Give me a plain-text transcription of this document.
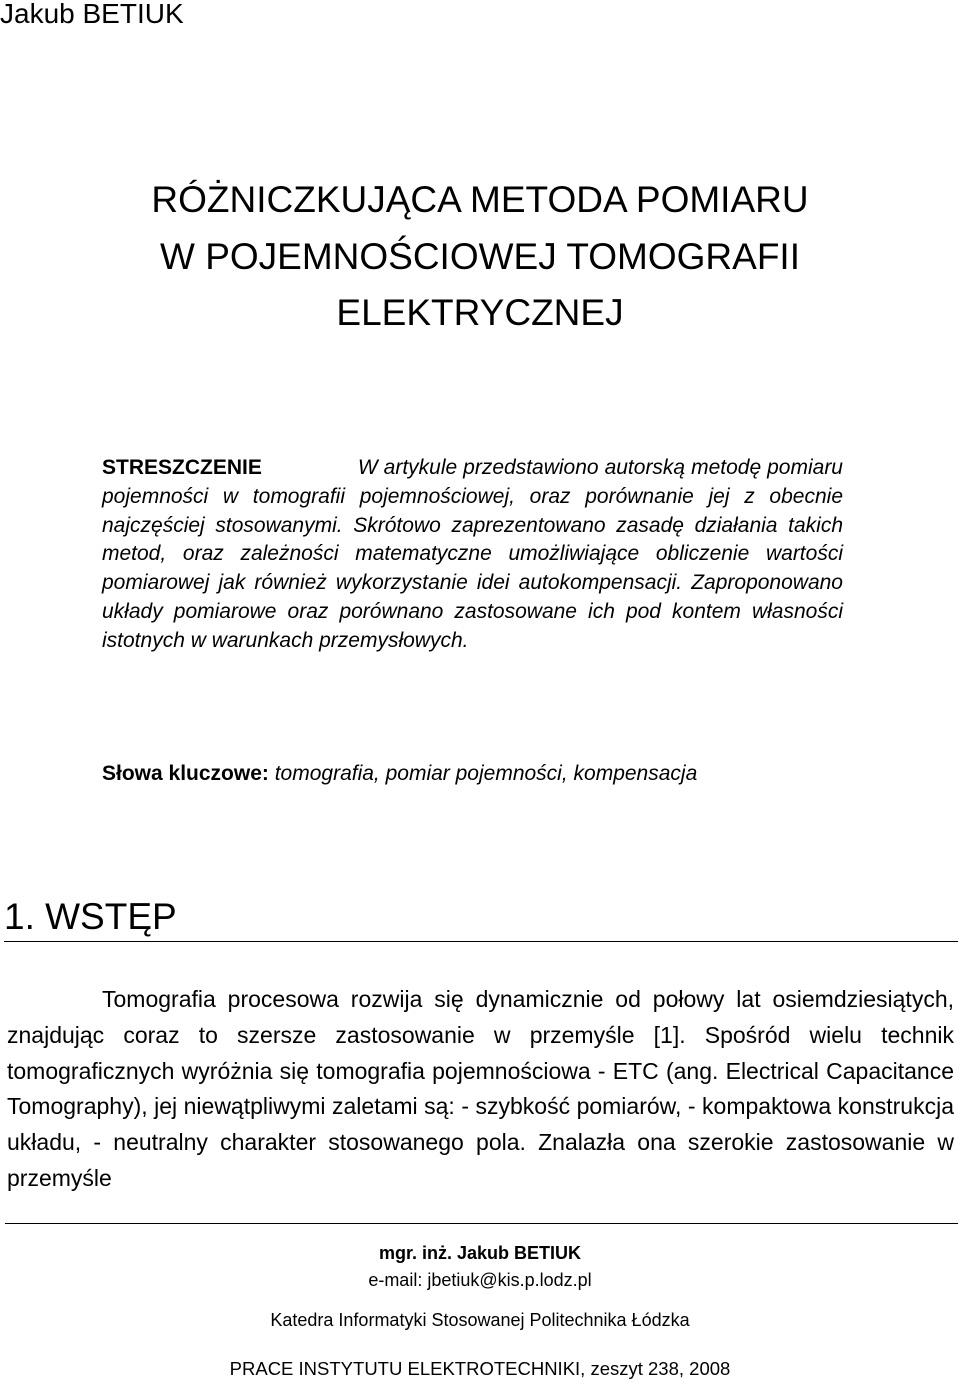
Jakub BETIUK
RÓŻNICZKUJĄCA METODA POMIARU
W POJEMNOŚCIOWEJ TOMOGRAFII
ELEKTRYCZNEJ
STRESZCZENIE	W artykule przedstawiono autorską metodę pomiaru pojemności w tomografii pojemnościowej, oraz porównanie jej z obecnie najczęściej stosowanymi. Skrótowo zaprezentowano zasadę działania takich metod, oraz zależności matematyczne umożliwiające obliczenie wartości pomiarowej jak również wykorzystanie idei autokompensacji. Zaproponowano układy pomiarowe oraz porównano zastosowane ich pod kontem własności istotnych w warunkach przemysłowych.
Słowa kluczowe: tomografia, pomiar pojemności, kompensacja
1. WSTĘP
Tomografia procesowa rozwija się dynamicznie od połowy lat osiemdziesiątych, znajdując coraz to szersze zastosowanie w przemyśle [1]. Spośród wielu technik tomograficznych wyróżnia się tomografia pojemnościowa - ETC (ang. Electrical Capacitance Tomography), jej niewątpliwymi zaletami są: - szybkość pomiarów, - kompaktowa konstrukcja układu, - neutralny charakter stosowanego pola. Znalazła ona szerokie zastosowanie w przemyśle
mgr. inż. Jakub BETIUK
e-mail: jbetiuk@kis.p.lodz.pl
Katedra Informatyki Stosowanej Politechnika Łódzka
PRACE INSTYTUTU ELEKTROTECHNIKI, zeszyt 238, 2008
